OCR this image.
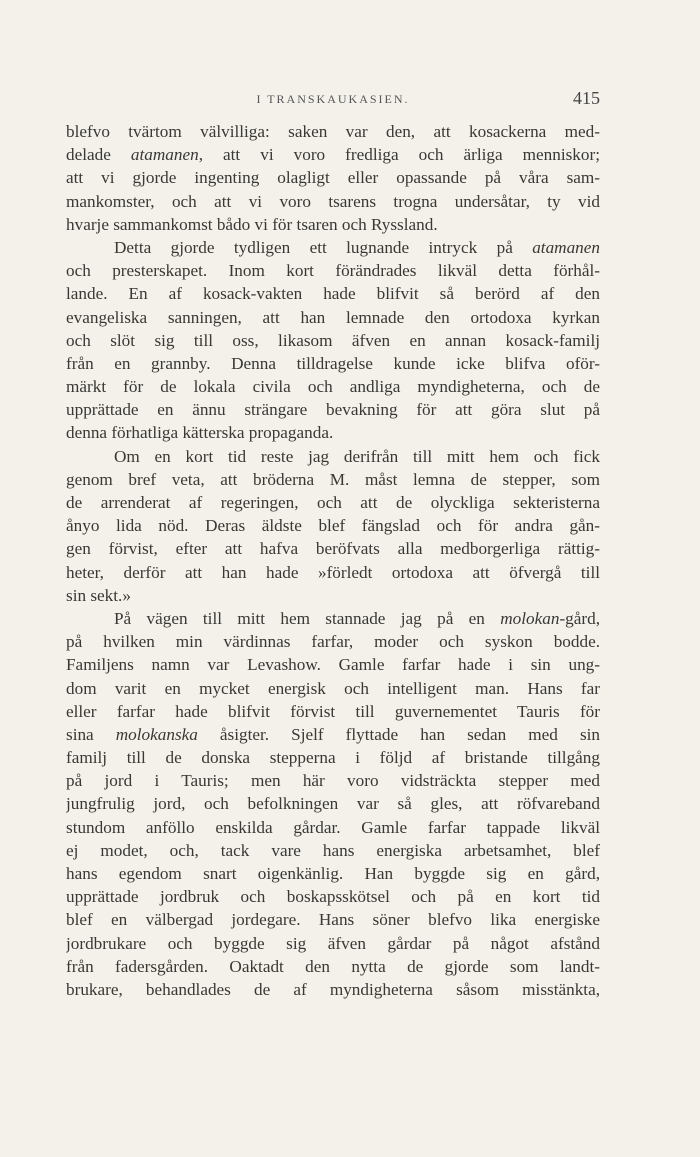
I TRANSKAUKASIEN.	415
blefvo tvärtom välvilliga: saken var den, att kosackerna med-
delade atamanen, att vi voro fredliga och ärliga menniskor;
att vi gjorde ingenting olagligt eller opassande på våra sam-
mankomster, och att vi voro tsarens trogna undersåtar, ty vid
hvarje sammankomst bådo vi för tsaren och Ryssland.
Detta gjorde tydligen ett lugnande intryck på atamanen
och presterskapet. Inom kort förändrades likväl detta förhål-
lande. En af kosack-vakten hade blifvit så berörd af den
evangeliska sanningen, att han lemnade den ortodoxa kyrkan
och slöt sig till oss, likasom äfven en annan kosack-familj
från en grannby. Denna tilldragelse kunde icke blifva oför-
märkt för de lokala civila och andliga myndigheterna, och de
upprättade en ännu strängare bevakning för att göra slut på
denna förhatliga kätterska propaganda.
Om en kort tid reste jag derifrån till mitt hem och fick
genom bref veta, att bröderna M. måst lemna de stepper, som
de arrenderat af regeringen, och att de olyckliga sekteristerna
ånyo lida nöd. Deras äldste blef fängslad och för andra gån-
gen förvist, efter att hafva beröfvats alla medborgerliga rättig-
heter, derför att han hade »förledt ortodoxa att öfvergå till
sin sekt.»
På vägen till mitt hem stannade jag på en molokan-gård,
på hvilken min värdinnas farfar, moder och syskon bodde.
Familjens namn var Levashow. Gamle farfar hade i sin ung-
dom varit en mycket energisk och intelligent man. Hans far
eller farfar hade blifvit förvist till guvernementet Tauris för
sina molokanska åsigter. Sjelf flyttade han sedan med sin
familj till de donska stepperna i följd af bristande tillgång
på jord i Tauris; men här voro vidsträckta stepper med
jungfrulig jord, och befolkningen var så gles, att röfvareband
stundom anföllo enskilda gårdar. Gamle farfar tappade likväl
ej modet, och, tack vare hans energiska arbetsamhet, blef
hans egendom snart oigenkänlig. Han byggde sig en gård,
upprättade jordbruk och boskapsskötsel och på en kort tid
blef en välbergad jordegare. Hans söner blefvo lika energiske
jordbrukare och byggde sig äfven gårdar på något afstånd
från fadersgården. Oaktadt den nytta de gjorde som landt-
brukare, behandlades de af myndigheterna såsom misstänkta,
